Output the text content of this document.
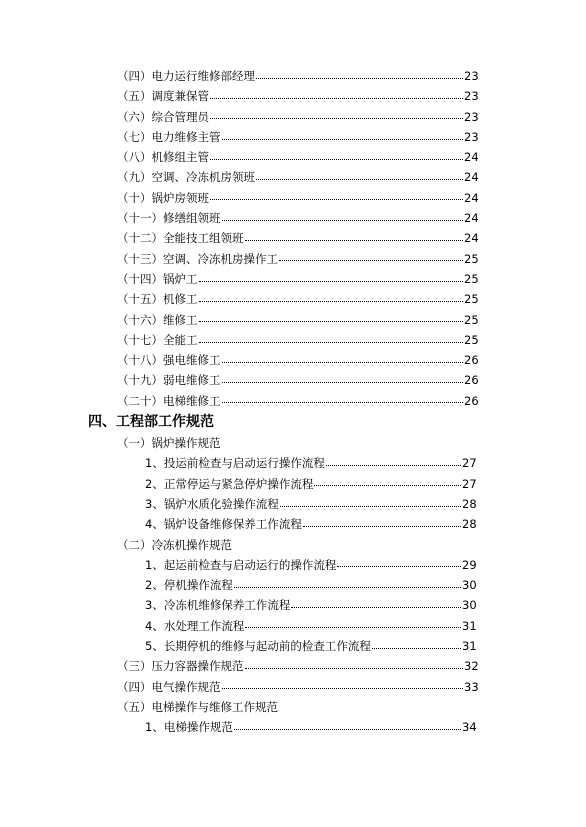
（四）电力运行维修部经理	23
（五）调度兼保管	23
（六）综合管理员	23
（七）电力维修主管	23
（八）机修组主管	24
（九）空调、冷冻机房领班	24
（十）锅炉房领班	24
（十一）修缮组领班	24
（十二）全能技工组领班	24
（十三）空调、冷冻机房操作工	25
（十四）锅炉工	25
（十五）机修工	25
（十六）维修工	25
（十七）全能工	25
（十八）强电维修工	26
（十九）弱电维修工	26
（二十）电梯维修工	26
四、工程部工作规范
（一）锅炉操作规范
1、投运前检查与启动运行操作流程	27
2、正常停运与紧急停炉操作流程	27
3、锅炉水质化验操作流程	28
4、锅炉设备维修保养工作流程	28
（二）冷冻机操作规范
1、起运前检查与启动运行的操作流程	29
2、停机操作流程	30
3、冷冻机维修保养工作流程	30
4、水处理工作流程	31
5、长期停机的维修与起动前的检查工作流程	31
（三）压力容器操作规范	32
（四）电气操作规范	33
（五）电梯操作与维修工作规范
1、电梯操作规范	34
